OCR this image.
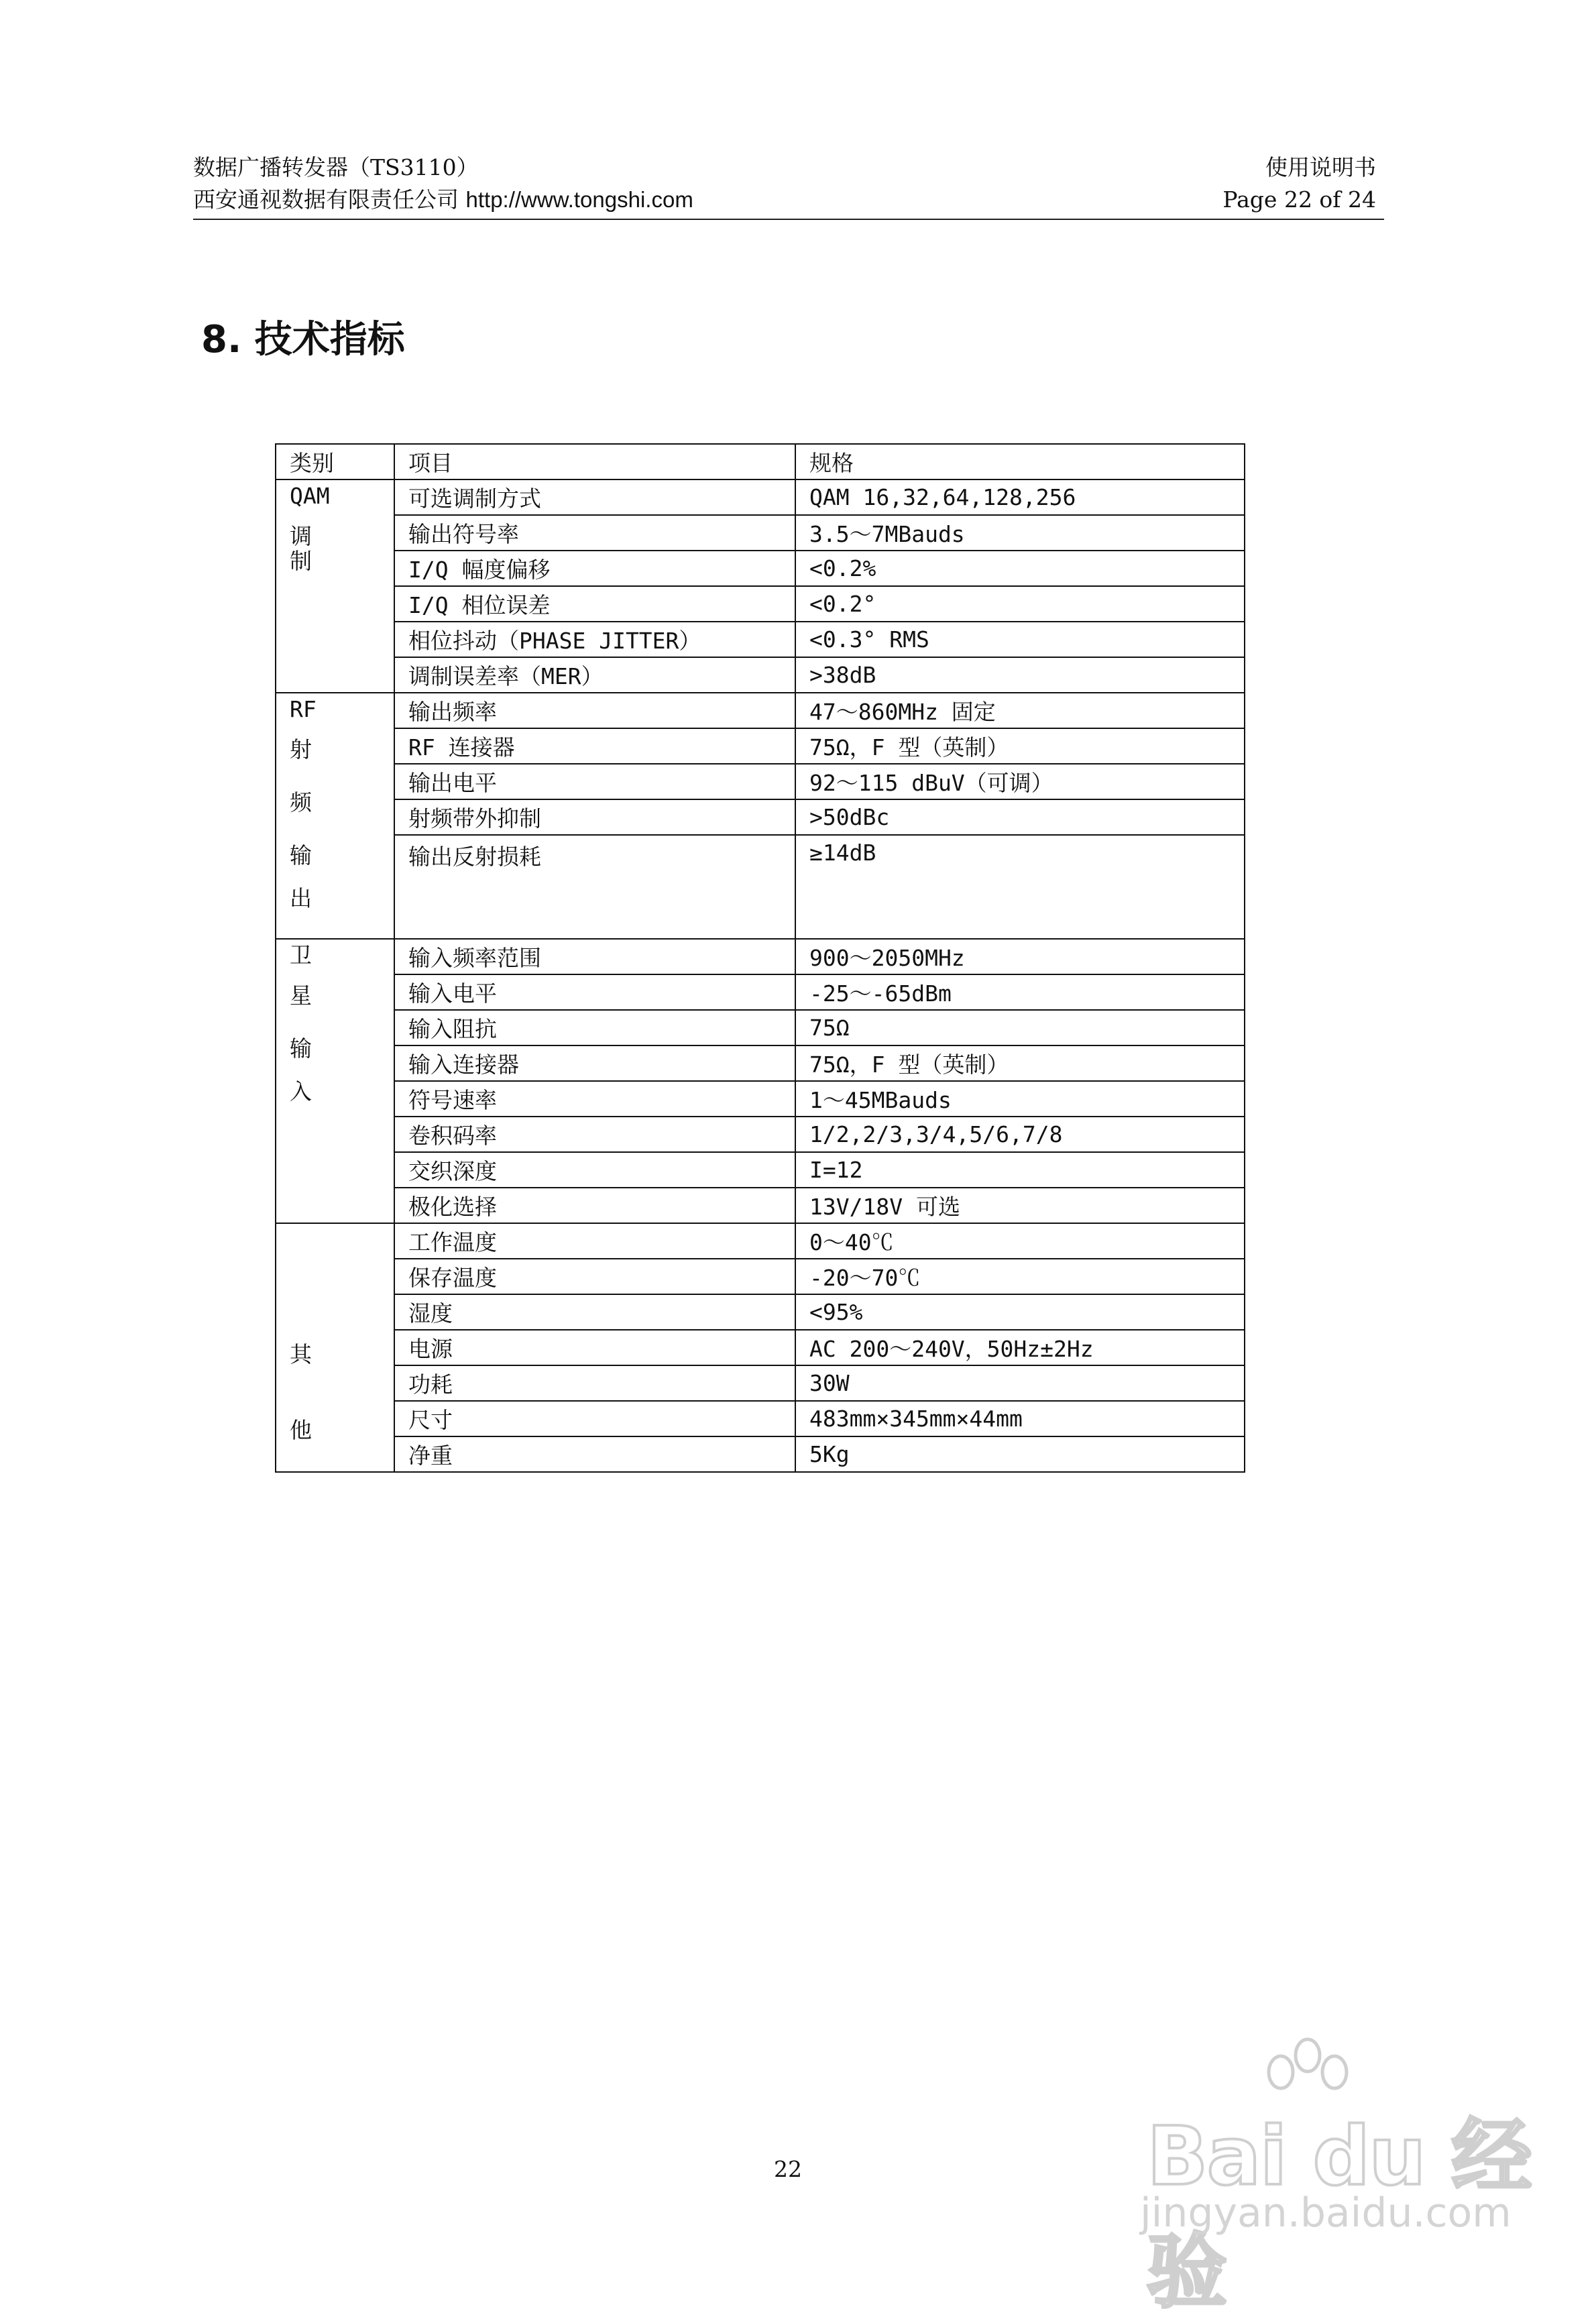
数据广播转发器（TS3110）
西安通视数据有限责任公司 http://www.tongshi.com
使用说明书
Page 22 of 24
8. 技术指标
类别	项目	规格

QAM
调
制	可选调制方式	QAM 16,32,64,128,256
	输出符号率	3.5～7MBauds
	I/Q 幅度偏移	<0.2%
	I/Q 相位误差	<0.2°
	相位抖动（PHASE JITTER）	<0.3° RMS
	调制误差率（MER）	>38dB

RF
射
频
输
出	输出频率	47～860MHz 固定
	RF 连接器	75Ω，F 型（英制）
	输出电平	92～115 dBuV（可调）
	射频带外抑制	>50dBc
	输出反射损耗	≥14dB

卫
星
输
入	输入频率范围	900～2050MHz
	输入电平	-25～-65dBm
	输入阻抗	75Ω
	输入连接器	75Ω，F 型（英制）
	符号速率	1～45MBauds
	卷积码率	1/2,2/3,3/4,5/6,7/8
	交织深度	I=12
	极化选择	13V/18V 可选

其
他	工作温度	0～40℃
	保存温度	-20～70℃
	湿度	<95%
	电源	AC 200～240V，50Hz±2Hz
	功耗	30W
	尺寸	483mm×345mm×44mm
	净重	5Kg
22	Bai du 经验
jingyan.baidu.com
